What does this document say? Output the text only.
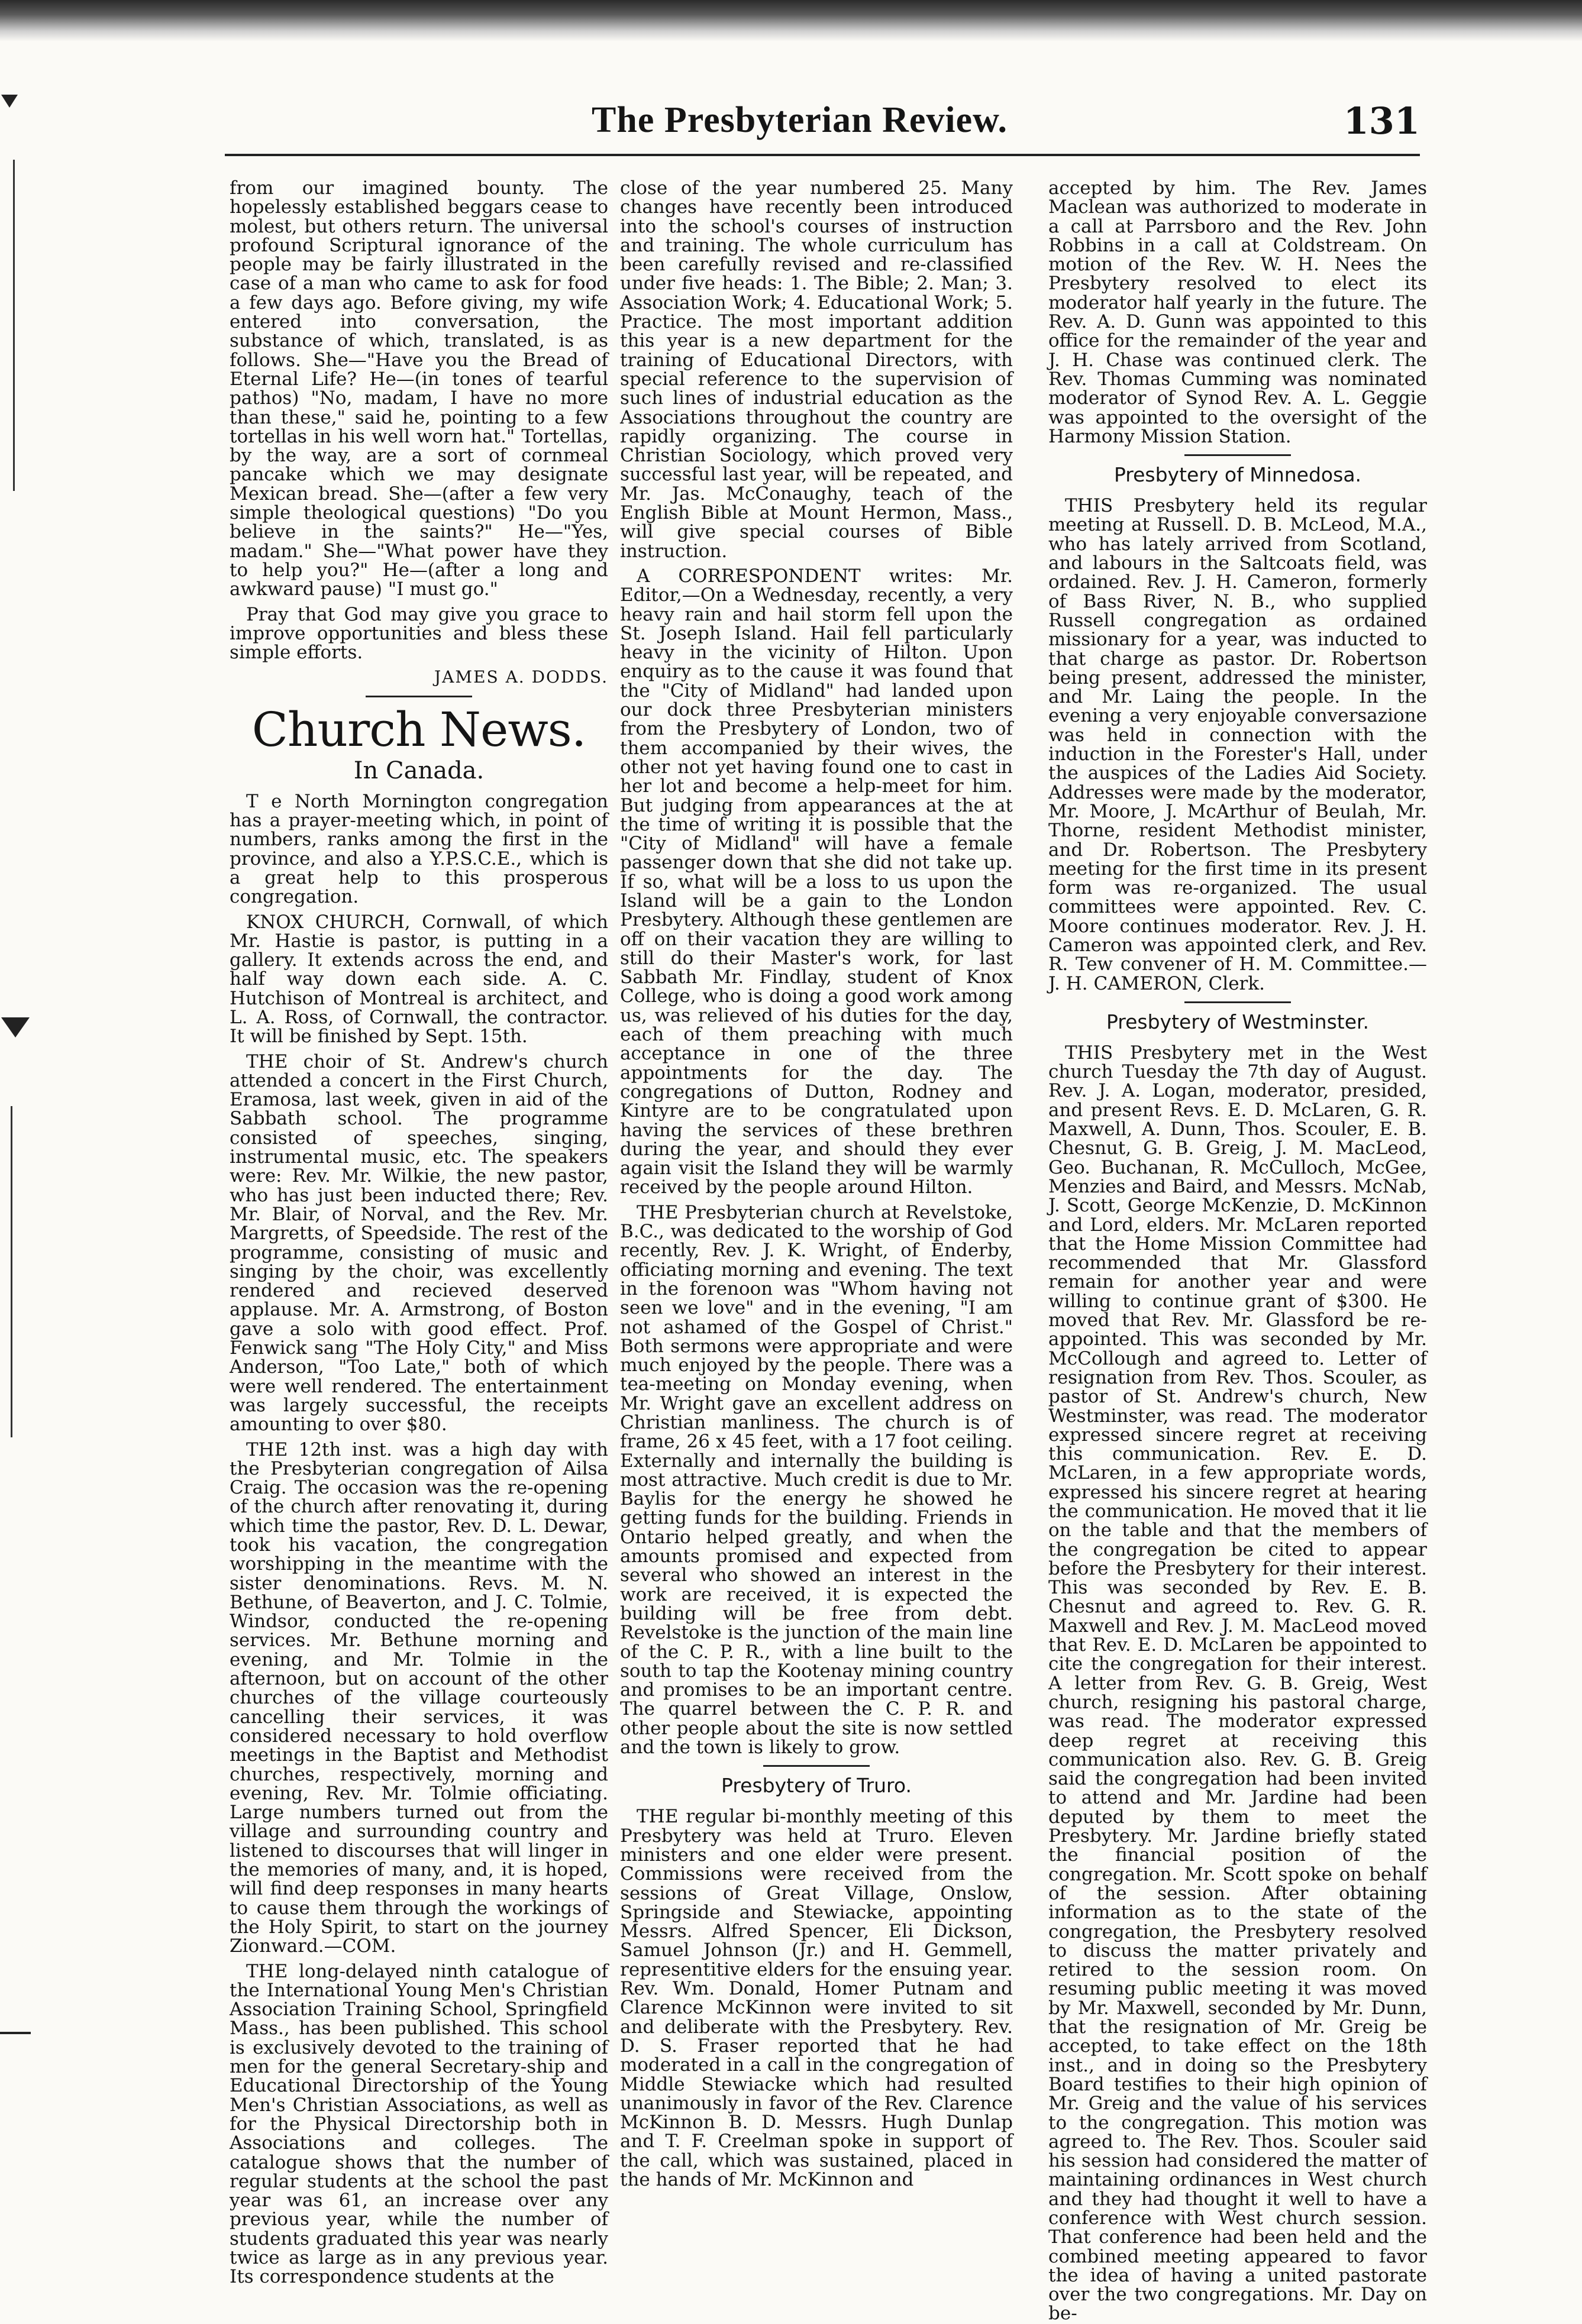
The Presbyterian Review.	131

from our imagined bounty. The hopelessly established beggars cease to molest, but others return. The universal profound Scriptural ignorance of the people may be fairly illustrated in the case of a man who came to ask for food a few days ago. Before giving, my wife entered into conversation, the substance of which, translated, is as follows. She—"Have you the Bread of Eternal Life? He—(in tones of tearful pathos) "No, madam, I have no more than these," said he, pointing to a few tortellas in his well worn hat." Tortellas, by the way, are a sort of cornmeal pancake which we may designate Mexican bread. She—(after a few very simple theological questions) "Do you believe in the saints?" He—"Yes, madam." She—"What power have they to help you?" He—(after a long and awkward pause) "I must go."

Pray that God may give you grace to improve opportunities and bless these simple efforts.

JAMES A. DODDS.
Church News.
In Canada.

T e North Mornington congregation has a prayer-meeting which, in point of numbers, ranks among the first in the province, and also a Y.P.S.C.E., which is a great help to this prosperous congregation.

KNOX CHURCH, Cornwall, of which Mr. Hastie is pastor, is putting in a gallery. It extends across the end, and half way down each side. A. C. Hutchison of Montreal is architect, and L. A. Ross, of Cornwall, the contractor. It will be finished by Sept. 15th.

THE choir of St. Andrew's church attended a concert in the First Church, Eramosa, last week, given in aid of the Sabbath school. The programme consisted of speeches, singing, instrumental music, etc. The speakers were: Rev. Mr. Wilkie, the new pastor, who has just been inducted there; Rev. Mr. Blair, of Norval, and the Rev. Mr. Margretts, of Speedside. The rest of the programme, consisting of music and singing by the choir, was excellently rendered and recieved deserved applause. Mr. A. Armstrong, of Boston gave a solo with good effect. Prof. Fenwick sang "The Holy City," and Miss Anderson, "Too Late," both of which were well rendered. The entertainment was largely successful, the receipts amounting to over $80.

THE 12th inst. was a high day with the Presbyterian congregation of Ailsa Craig. The occasion was the re-opening of the church after renovating it, during which time the pastor, Rev. D. L. Dewar, took his vacation, the congregation worshipping in the meantime with the sister denominations. Revs. M. N. Bethune, of Beaverton, and J. C. Tolmie, Windsor, conducted the re-opening services. Mr. Bethune morning and evening, and Mr. Tolmie in the afternoon, but on account of the other churches of the village courteously cancelling their services, it was considered necessary to hold overflow meetings in the Baptist and Methodist churches, respectively, morning and evening, Rev. Mr. Tolmie officiating. Large numbers turned out from the village and surrounding country and listened to discourses that will linger in the memories of many, and, it is hoped, will find deep responses in many hearts to cause them through the workings of the Holy Spirit, to start on the journey Zionward.—COM.

THE long-delayed ninth catalogue of the International Young Men's Christian Association Training School, Springfield Mass., has been published. This school is exclusively devoted to the training of men for the general Secretary-ship and Educational Directorship of the Young Men's Christian Associations, as well as for the Physical Directorship both in Associations and colleges. The catalogue shows that the number of regular students at the school the past year was 61, an increase over any previous year, while the number of students graduated this year was nearly twice as large as in any previous year. Its correspondence students at the

close of the year numbered 25. Many changes have recently been introduced into the school's courses of instruction and training. The whole curriculum has been carefully revised and re-classified under five heads: 1. The Bible; 2. Man; 3. Association Work; 4. Educational Work; 5. Practice. The most important addition this year is a new department for the training of Educational Directors, with special reference to the supervision of such lines of industrial education as the Associations throughout the country are rapidly organizing. The course in Christian Sociology, which proved very successful last year, will be repeated, and Mr. Jas. McConaughy, teach of the English Bible at Mount Hermon, Mass., will give special courses of Bible instruction.

A CORRESPONDENT writes: Mr. Editor,—On a Wednesday, recently, a very heavy rain and hail storm fell upon the St. Joseph Island. Hail fell particularly heavy in the vicinity of Hilton. Upon enquiry as to the cause it was found that the "City of Midland" had landed upon our dock three Presbyterian ministers from the Presbytery of London, two of them accompanied by their wives, the other not yet having found one to cast in her lot and become a help-meet for him. But judging from appearances at the at the time of writing it is possible that the "City of Midland" will have a female passenger down that she did not take up. If so, what will be a loss to us upon the Island will be a gain to the London Presbytery. Although these gentlemen are off on their vacation they are willing to still do their Master's work, for last Sabbath Mr. Findlay, student of Knox College, who is doing a good work among us, was relieved of his duties for the day, each of them preaching with much acceptance in one of the three appointments for the day. The congregations of Dutton, Rodney and Kintyre are to be congratulated upon having the services of these brethren during the year, and should they ever again visit the Island they will be warmly received by the people around Hilton.

THE Presbyterian church at Revelstoke, B.C., was dedicated to the worship of God recently, Rev. J. K. Wright, of Enderby, officiating morning and evening. The text in the forenoon was "Whom having not seen we love" and in the evening, "I am not ashamed of the Gospel of Christ." Both sermons were appropriate and were much enjoyed by the people. There was a tea-meeting on Monday evening, when Mr. Wright gave an excellent address on Christian manliness. The church is of frame, 26 x 45 feet, with a 17 foot ceiling. Externally and internally the building is most attractive. Much credit is due to Mr. Baylis for the energy he showed he getting funds for the building. Friends in Ontario helped greatly, and when the amounts promised and expected from several who showed an interest in the work are received, it is expected the building will be free from debt. Revelstoke is the junction of the main line of the C. P. R., with a line built to the south to tap the Kootenay mining country and promises to be an important centre. The quarrel between the C. P. R. and other people about the site is now settled and the town is likely to grow.

Presbytery of Truro.

THE regular bi-monthly meeting of this Presbytery was held at Truro. Eleven ministers and one elder were present. Commissions were received from the sessions of Great Village, Onslow, Springside and Stewiacke, appointing Messrs. Alfred Spencer, Eli Dickson, Samuel Johnson (Jr.) and H. Gemmell, representitive elders for the ensuing year. Rev. Wm. Donald, Homer Putnam and Clarence McKinnon were invited to sit and deliberate with the Presbytery. Rev. D. S. Fraser reported that he had moderated in a call in the congregation of Middle Stewiacke which had resulted unanimously in favor of the Rev. Clarence McKinnon B. D. Messrs. Hugh Dunlap and T. F. Creelman spoke in support of the call, which was sustained, placed in the hands of Mr. McKinnon and

accepted by him. The Rev. James Maclean was authorized to moderate in a call at Parrsboro and the Rev. John Robbins in a call at Coldstream. On motion of the Rev. W. H. Nees the Presbytery resolved to elect its moderator half yearly in the future. The Rev. A. D. Gunn was appointed to this office for the remainder of the year and J. H. Chase was continued clerk. The Rev. Thomas Cumming was nominated moderator of Synod Rev. A. L. Geggie was appointed to the oversight of the Harmony Mission Station.

Presbytery of Minnedosa.

THIS Presbytery held its regular meeting at Russell. D. B. McLeod, M.A., who has lately arrived from Scotland, and labours in the Saltcoats field, was ordained. Rev. J. H. Cameron, formerly of Bass River, N. B., who supplied Russell congregation as ordained missionary for a year, was inducted to that charge as pastor. Dr. Robertson being present, addressed the minister, and Mr. Laing the people. In the evening a very enjoyable conversazione was held in connection with the induction in the Forester's Hall, under the auspices of the Ladies Aid Society. Addresses were made by the moderator, Mr. Moore, J. McArthur of Beulah, Mr. Thorne, resident Methodist minister, and Dr. Robertson. The Presbytery meeting for the first time in its present form was re-organized. The usual committees were appointed. Rev. C. Moore continues moderator. Rev. J. H. Cameron was appointed clerk, and Rev. R. Tew convener of H. M. Committee.—J. H. CAMERON, Clerk.

Presbytery of Westminster.

THIS Presbytery met in the West church Tuesday the 7th day of August. Rev. J. A. Logan, moderator, presided, and present Revs. E. D. McLaren, G. R. Maxwell, A. Dunn, Thos. Scouler, E. B. Chesnut, G. B. Greig, J. M. MacLeod, Geo. Buchanan, R. McCulloch, McGee, Menzies and Baird, and Messrs. McNab, J. Scott, George McKenzie, D. McKinnon and Lord, elders. Mr. McLaren reported that the Home Mission Committee had recommended that Mr. Glassford remain for another year and were willing to continue grant of $300. He moved that Rev. Mr. Glassford be re-appointed. This was seconded by Mr. McCollough and agreed to. Letter of resignation from Rev. Thos. Scouler, as pastor of St. Andrew's church, New Westminster, was read. The moderator expressed sincere regret at receiving this communication. Rev. E. D. McLaren, in a few appropriate words, expressed his sincere regret at hearing the communication. He moved that it lie on the table and that the members of the congregation be cited to appear before the Presbytery for their interest. This was seconded by Rev. E. B. Chesnut and agreed to. Rev. G. R. Maxwell and Rev. J. M. MacLeod moved that Rev. E. D. McLaren be appointed to cite the congregation for their interest. A letter from Rev. G. B. Greig, West church, resigning his pastoral charge, was read. The moderator expressed deep regret at receiving this communication also. Rev. G. B. Greig said the congregation had been invited to attend and Mr. Jardine had been deputed by them to meet the Presbytery. Mr. Jardine briefly stated the financial position of the congregation. Mr. Scott spoke on behalf of the session. After obtaining information as to the state of the congregation, the Presbytery resolved to discuss the matter privately and retired to the session room. On resuming public meeting it was moved by Mr. Maxwell, seconded by Mr. Dunn, that the resignation of Mr. Greig be accepted, to take effect on the 18th inst., and in doing so the Presbytery Board testifies to their high opinion of Mr. Greig and the value of his services to the congregation. This motion was agreed to. The Rev. Thos. Scouler said his session had considered the matter of maintaining ordinances in West church and they had thought it well to have a conference with West church session. That conference had been held and the combined meeting appeared to favor the idea of having a united pastorate over the two congregations. Mr. Day on be-
